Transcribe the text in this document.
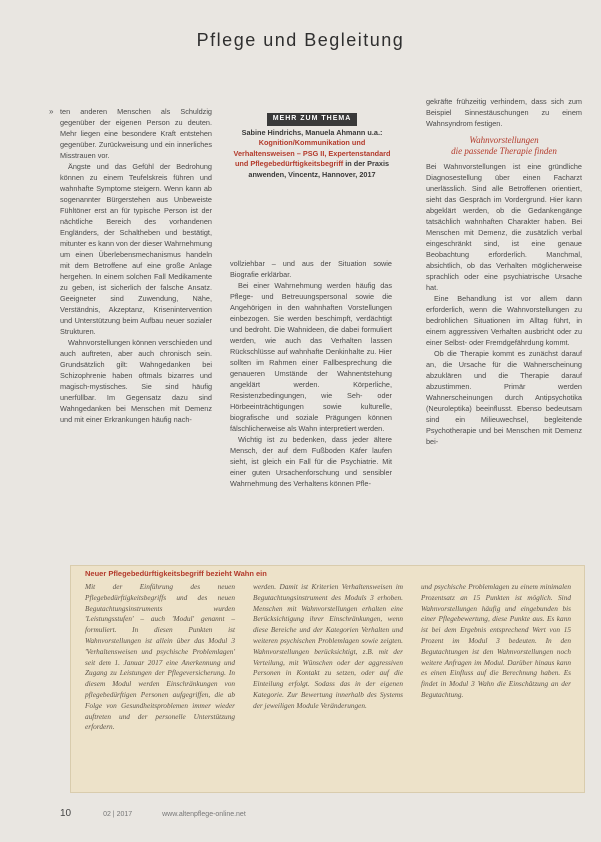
Pflege und Begleitung
» ten anderen Menschen als Schuldzig gegenüber der eigenen Person zu deuten. Mehr liegen eine besondere Kraft entstehen gegenüber. Zurückweisung und ein innerliches Misstrauen vor.

Ängste und das Gefühl der Bedrohung können zu einem Teufelskreis führen und wahnhafte Symptome steigern. Wenn kann ab sogenannter Bürgerstehen aus Unbeweiste Fühltöner erst an für typische Person ist der nächtliche Bereich des vorhandenen Engländers, der Schaltheben und bestätigt, mitunter es kann von der dieser Wahrnehmung um einen Überlebensmechanismus handeln mit dem Betroffene auf eine große Anlage hergehen. In einem solchen Fall Medikamente zu geben, ist sicherlich der falsche Ansatz. Geeigneter sind Zuwendung, Nähe, Verständnis, Akzeptanz, Krisenintervention und Unterstützung beim Aufbau neuer sozialer Strukturen.

Wahnvorstellungen können verschieden und auch auftreten, aber auch chronisch sein. Grundsätzlich gilt: Wahngedanken bei Schizophrenie haben oftmals bizarres und magisch-mystisches. Sie sind häufig unerfüllbar. Im Gegensatz dazu sind Wahngedanken bei Menschen mit Demenz und mit einer Erkrankungen häufig nach-

MEHR ZUM THEMA
Sabine Hindrichs, Manuela Ahmann u.a.: Kognition/Kommunikation und Verhaltensweisen – PSG II, Expertenstandard und Pflegebedürftigkeitsbegriff in der Praxis anwenden, Vincentz, Hannover, 2017

vollziehbar – und aus der Situation sowie Biografie erklärbar.

Bei einer Wahrnehmung werden häufig das Pflege- und Betreuungspersonal sowie die Angehörigen in den wahnhaften Vorstellungen einbezogen. Sie werden beschimpft, verdächtigt und bedroht. Die Wahnideen, die dabei formuliert werden, wie auch das Verhalten lassen Rückschlüsse auf wahnhafte Denkinhalte zu. Hier sollten im Rahmen einer Fallbesprechung die genaueren Umstände der Wahnentstehung angeklärt werden. Körperliche, Resistenzbedingungen, wie Seh- oder Hörbeeinträchtigungen sowie kulturelle, biografische und soziale Prägungen können fälschlicherweise als Wahn interpretiert werden.

Wichtig ist zu bedenken, dass jeder ältere Mensch, der auf dem Fußboden Käfer laufen sieht, ist gleich ein Fall für die Psychiatrie. Mit einer guten Ursachenforschung und sensibler Wahrnehmung des Verhaltens können Pfle-

gekräfte frühzeitig verhindern, dass sich zum Beispiel Sinnestäuschungen zu einem Wahnsyndrom festigen.

Wahnvorstellungen
die passende Therapie finden

Bei Wahnvorstellungen ist eine gründliche Diagnosestellung über einen Facharzt unerlässlich. Sind alle Betroffenen orientiert, sieht das Gespräch im Vordergrund. Hier kann abgeklärt werden, ob die Gedankengänge tatsächlich wahnhaften Charakter haben. Bei Menschen mit Demenz, die zusätzlich verbal eingeschränkt sind, ist eine genaue Beobachtung erforderlich. Manchmal, absichtlich, ob das Verhalten möglicherweise sprachlich oder eine psychiatrische Ursache hat.

Eine Behandlung ist vor allem dann erforderlich, wenn die Wahnvorstellungen zu bedrohlichen Situationen im Alltag führt, in einem aggressiven Verhalten ausbricht oder zu einer Selbst- oder Fremdgefährdung kommt.

Ob die Therapie kommt es zunächst darauf an, die Ursache für die Wahnerscheinung abzuklären und die Therapie darauf abzustimmen. Primär werden Wahnerscheinungen durch Antipsychotika (Neuroleptika) beeinflusst. Ebenso bedeutsam sind ein Milieuwechsel, begleitende Psychotherapie und bei Menschen mit Demenz bei-

Neuer Pflegebedürftigkeitsbegriff bezieht Wahn ein
Mit der Einführung des neuen Pflegebedürftigkeitsbegriffs und des neuen Begutachtungsinstruments wurden 'Leistungsstufen' – auch 'Modul' genannt – formuliert. In diesen Punkten ist Wahnvorstellungen ist allein über das Modul 3 'Verhaltensweisen und psychische Problemlagen' seit dem 1. Januar 2017 eine Anerkennung und Zugang zu Leistungen der Pflegeversicherung. In diesem Modul werden Einschränkungen von pflegebedürftigen Personen aufgegriffen, die ab Folge von Gesundheitsproblemen immer wieder auftreten und der personelle Unterstützung erfordern.
werden. Damit ist Kriterien Verhaltensweisen im Begutachtungsinstrument des Moduls 3 erhoben. Menschen mit Wahnvorstellungen erhalten eine Berücksichtigung ihrer Einschränkungen, wenn diese Bereiche und der Kategorien Verhalten und weiteren psychischen Problemlagen sowie zeigten. Wahnvorstellungen berücksichtigt, z.B. mit der Verteilung, mit Wünschen oder der aggressiven Personen in Kontakt zu setzen, oder auf die Einteilung erfolgt. Sodass das in der eigenen Kategorie. Zur Bewertung innerhalb des Systems der jeweiligen Module Veränderungen.
und psychische Problemlagen zu einem minimalen Prozentsatz an 15 Punkten ist möglich. Sind Wahnvorstellungen häufig und eingebunden bis einer Pflegebewertung, diese Punkte aus. Es kann ist bei dem Ergebnis entsprechend Wert von 15 Prozent im Modul 3 bedeuten. In den Begutachtungen ist den Wahnvorstellungen noch weitere Anfragen im Modul. Darüber hinaus kann es einen Einfluss auf die Berechnung haben. Es findet in Modul 3 Wahn die Einschätzung an der Begutachtung.
10	02 | 2017	www.altenpflege-online.net
